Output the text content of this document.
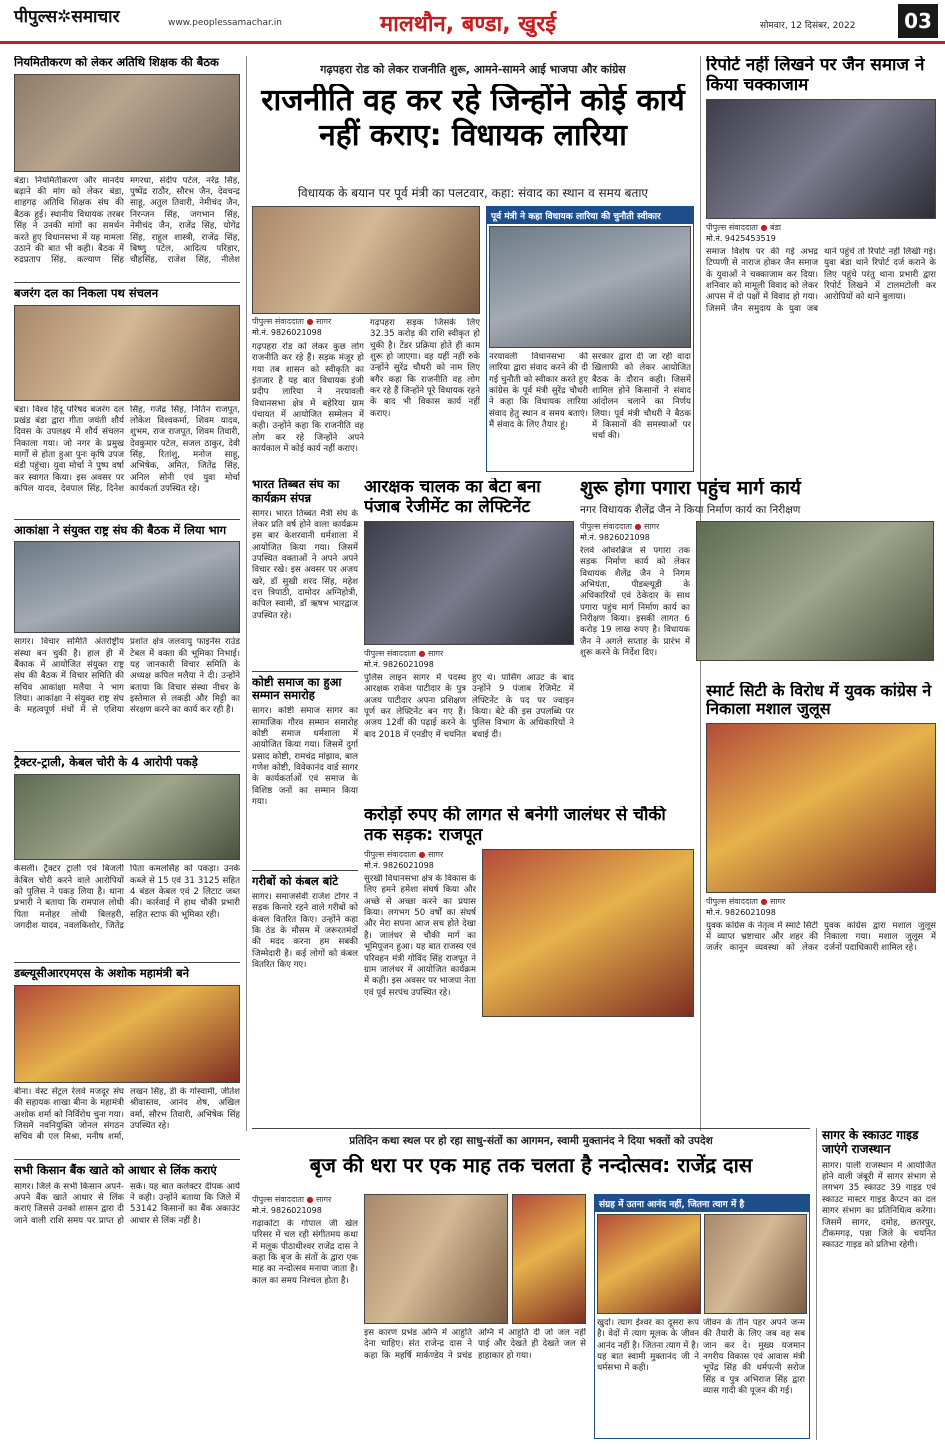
पीपुल्स✲समाचार	www.peoplessamachar.in	मालथौन, बण्डा, खुरई	सोमवार, 12 दिसंबर, 2022	03
नियमितीकरण को लेकर अतिथि शिक्षक की बैठक
बंडा। नियमितीकरण और मानदेय बढ़ाने की मांग को लेकर बंडा, शाहगढ़ अतिथि शिक्षक संघ की बैठक हुई। स्थानीय विधायक तरबर सिंह ने उनकी मांगों का समर्थन करते हुए विधानसभा में यह मामला उठाने की बात भी कही। बैठक में रुद्रप्रताप सिंह, कल्याण सिंह मगरधा, संदीप पटेल, नरेंद्र सिंह, पुष्पेंद्र राठौर, सौरभ जैन, देवचन्द्र साहू, अतुल तिवारी, नेमीचंद जैन, निरन्जन सिंह, जगभान सिंह, नेमीचंद जैन, राजेंद्र सिंह, योगेंद्र सिंह, राहुल शास्त्री, राजेंद्र सिंह, बिष्णु पटेल, आदित्य परिहार, चौहसिंह, राजेश सिंह, नीलेश
बजरंग दल का निकला पथ संचलन
बंडा। विश्व हिंदू परिषद बजरंग दल प्रखंड बंडा द्वारा गीता जयंती शौर्य दिवस के उपलक्ष्य में शौर्य संचलन निकाला गया। जो नगर के प्रमुख मार्गों से होता हुआ पुनः कृषि उपज मंडी पहुंचा। युवा मोर्चा ने पुष्प वर्षा कर स्वागत किया। इस अवसर पर कपिल यादव, देवपाल सिंह, दिनेश सिंह, गजेंद्र सिंह, नितिन राजपूत, लोकेश विश्वकर्मा, शिवम यादव, शुभम, राज राजपूत, शिवम तिवारी, देवकुमार पटेल, सजल ठाकुर, देवी सिंह, रितांशु, मनोज साहू, अभिषेक, अमित, जितेंद्र सिंह, अनिल सोनी एवं युवा मोर्चा कार्यकर्ता उपस्थित रहे।
आकांक्षा ने संयुक्त राष्ट्र संघ की बैठक में लिया भाग
सागर। विचार समिति अंतर्राष्ट्रीय संस्था बन चुकी है। हाल ही में बैंकाक में आयोजित संयुक्त राष्ट्र संघ की बैठक में विचार समिति की सचिव आकांक्षा मलैया ने भाग लिया। आकांक्षा ने संयुक्त राष्ट्र संघ के महत्वपूर्ण मंचों में से एशिया प्रशांत क्षेत्र जलवायु फाइनेंस राउंड टेबल में वक्ता की भूमिका निभाई। यह जानकारी विचार समिति के अध्यक्ष कपिल मलैया ने दी। उन्होंने बताया कि विचार संस्था नीचर के इस्तेमाल से लकड़ी और मिट्टी का संरक्षण करने का कार्य कर रही है।
ट्रैक्टर-ट्राली, केबल चोरी के 4 आरोपी पकड़े
केसली। ट्रैक्टर ट्राली एवं बिजली केबिल चोरी करने वाले आरोपियों को पुलिस ने पकड़ लिया है। थाना प्रभारी ने बताया कि रामपाल लोधी पिता मनोहर लोधी बिलहरी, जगदीश यादव, नवलकिशोर, जितेंद्र पिता कमलसिंह को पकड़ा। उनके कब्जे से 15 एवं 31 3125 सहित 4 बंडल केबल एवं 2 लिटाट जब्त की। कार्रवाई में हाथ चौकी प्रभारी सहित स्टाफ की भूमिका रही।
डब्ल्यूसीआरएमएस के अशोक महामंत्री बने
बीना। वेस्ट सेंट्रल रेलवे मजदूर संघ की सहायक शाखा बीना के महामंत्री अशोक शर्मा को निर्विरोध चुना गया। जिसमें नवनियुक्ति जोनल संगठन सचिव बी एल मिश्रा, मनीष शर्मा, लखन सिंह, डी के गोस्वामी, जीतेश श्रीवास्तव, आनंद शेष, अखिल वर्मा, सौरभ तिवारी, अभिषेक सिंह उपस्थित रहे।
सभी किसान बैंक खाते को आधार से लिंक कराएं
सागर। जिले के सभी किसान अपने-अपने बैंक खाते आधार से लिंक कराएं जिससे उनको शासन द्वारा दी जाने वाली राशि समय पर प्राप्त हो सके। यह बात कलेक्टर दीपक आर्य ने कही। उन्होंने बताया कि जिले में 53142 किसानों का बैंक अकाउंट आधार से लिंक नहीं है।
गढ़पहरा रोड को लेकर राजनीति शुरू, आमने-सामने आई भाजपा और कांग्रेस
राजनीति वह कर रहे जिन्होंने कोई कार्य नहीं कराए: विधायक लारिया
विधायक के बयान पर पूर्व मंत्री का पलटवार, कहा: संवाद का स्थान व समय बताए
पीपुल्स संवाददाता ● सागर
मो.नं. 9826021098
गढ़पहरा रोड को लेकर कुछ लोग राजनीति कर रहे हैं। सड़क मंजूर हो गया तब शासन को स्वीकृति का इंतजार है यह बात विधायक इंजी प्रदीप लारिया ने नरयावली विधानसभा क्षेत्र में बहेरिया ग्राम पंचायत में आयोजित सम्मेलन में कही। उन्होंने कहा कि राजनीति वह लोग कर रहे जिन्होंने अपने कार्यकाल में कोई कार्य नहीं कराए।
गढ़पहरा सड़क जिसके लिए 32.35 करोड़ की राशि स्वीकृत हो चुकी है। टेंडर प्रक्रिया होते ही काम शुरू हो जाएगा। वह यहीं नहीं रुके उन्होंने सुरेंद्र चौधरी को नाम लिए बगैर कहा कि राजनीति वह लोग कर रहे हैं जिन्होंने पूरे विधायक रहने के बाद भी विकास कार्य नहीं कराए।
पूर्व मंत्री ने कहा विधायक लारिया की चुनौती स्वीकार
नरयावली विधानसभा की लारिया द्वारा संवाद करने की दी गई चुनौती को स्वीकार करते हुए कांग्रेस के पूर्व मंत्री सुरेंद्र चौधरी ने कहा कि विधायक लारिया संवाद हेतु स्थान व समय बताएं। मैं संवाद के लिए तैयार हूं।
सरकार द्वारा दी जा रही वादा खिलाफी को लेकर आयोजित बैठक के दौरान कही। जिसमें शामिल होने किसानों ने संवाद आंदोलन चलाने का निर्णय लिया। पूर्व मंत्री चौधरी ने बैठक में किसानों की समस्याओं पर चर्चा की।
भारत तिब्बत संघ का कार्यक्रम संपन्न
सागर। भारत तिब्बत मैत्री संघ के लेकर प्रति वर्ष होने वाला कार्यक्रम इस बार केशरवानी धर्मशाला में आयोजित किया गया। जिसमें उपस्थित वक्ताओं ने अपने अपने विचार रखे। इस अवसर पर अजय खरे, डॉ सुखी शरद सिंह, महेश दत्त त्रिपाठी, दामोदर अग्निहोत्री, कपिल स्वामी, डॉ ऋषभ भारद्वाज उपस्थित रहे।
कोष्टी समाज का हुआ सम्मान समारोह
सागर। कोष्टी समाज सागर का सामाजिक गौरव सम्मान समारोह कोष्टी समाज धर्मशाला में आयोजित किया गया। जिसमें दुर्गा प्रसाद कोष्टी, रामचंद्र मांझाव, बाल गणेश कोष्टी, विवेकानंद वार्ड सागर के कार्यकर्ताओं एवं समाज के विशिष्ठ जनों का सम्मान किया गया।
गरीबों को कंबल बांटे
सागर। समाजसेवी राजेश टोंगर ने सड़क किनारे रहने वाले गरीबों को कंबल वितरित किए। उन्होंने कहा कि ठंड के मौसम में जरूरतमंदों की मदद करना हम सबकी जिम्मेदारी है। कई लोगों को कंबल वितरित किए गए।
आरक्षक चालक का बेटा बना पंजाब रेजीमेंट का लेफ्टिनेंट
पीपुल्स संवाददाता ● सागर
मो.नं. 9826021098
पुलिस लाइन सागर में पदस्थ आरक्षक राकेश पाटीदार के पुत्र अजय पाटीदार अपना प्रशिक्षण पूर्ण कर लेफ्टिनेंट बन गए हैं। अजय 12वीं की पढ़ाई करने के बाद 2018 में एनडीए में चयनित हुए थे। पासिंग आउट के बाद उन्होंने 9 पंजाब रेजिमेंट में लेफ्टिनेंट के पद पर ज्वाइन किया। बेटे की इस उपलब्धि पर पुलिस विभाग के अधिकारियों ने बधाई दी।
करोड़ों रुपए की लागत से बनेगी जालंधर से चौकी तक सड़क: राजपूत
पीपुल्स संवाददाता ● सागर
मो.नं. 9826021098
सुरखी विधानसभा क्षेत्र के विकास के लिए हमने हमेशा संघर्ष किया और अच्छे से अच्छा करने का प्रयास किया। लगभग 50 वर्षों का संघर्ष और मेरा सपना आज सच होते देखा है। जालंधर से चौकी मार्ग का भूमिपूजन हुआ। यह बात राजस्व एवं परिवहन मंत्री गोविंद सिंह राजपूत ने ग्राम जालंधर में आयोजित कार्यक्रम में कही। इस अवसर पर भाजपा नेता एवं पूर्व सरपंच उपस्थित रहे।
रिपोर्ट नहीं लिखने पर जैन समाज ने किया चक्काजाम
पीपुल्स संवाददाता ● बंडा
मो.नं. 9425453519
समाज विशेष पर की गई अभद्र टिप्पणी से नाराज होकर जैन समाज के युवाओं ने चक्काजाम कर दिया। शनिवार को मामूली विवाद को लेकर आपस में दो पक्षों में विवाद हो गया। जिसमें जैन समुदाय के युवा जब थाने पहुंचे तो रिपोर्ट नहीं लिखी गई। युवा बंडा थाने रिपोर्ट दर्ज कराने के लिए पहुंचे परंतु थाना प्रभारी द्वारा रिपोर्ट लिखने में टालमटोली कर आरोपियों को थाने बुलाया।
शुरू होगा पगारा पहुंच मार्ग कार्य
नगर विधायक शैलेंद्र जैन ने किया निर्माण कार्य का निरीक्षण
पीपुल्स संवाददाता ● सागर
मो.नं. 9826021098
रेलवे ओवरब्रिज से पगारा तक सड़क निर्माण कार्य को लेकर विधायक शैलेंद्र जैन ने निगम अभियंता, पीडब्ल्यूडी के अधिकारियों एवं ठेकेदार के साथ पगारा पहुंच मार्ग निर्माण कार्य का निरीक्षण किया। इसकी लागत 6 करोड़ 19 लाख रुपए है। विधायक जैन ने अगले सप्ताह के प्रारंभ में शुरू करने के निर्देश दिए।
स्मार्ट सिटी के विरोध में युवक कांग्रेस ने निकाला मशाल जुलूस
पीपुल्स संवाददाता ● सागर
मो.नं. 9826021098
युवक कांग्रेस के नेतृत्व में स्मार्ट सिटी में व्याप्त भ्रष्टाचार और शहर की जर्जर कानून व्यवस्था को लेकर युवक कांग्रेस द्वारा मशाल जुलूस निकाला गया। मशाल जुलूस में दर्जनों पदाधिकारी शामिल रहे।
प्रतिदिन कथा स्थल पर हो रहा साधु-संतों का आगमन, स्वामी मुक्तानंद ने दिया भक्तों को उपदेश
बृज की धरा पर एक माह तक चलता है नन्दोत्सव: राजेंद्र दास
पीपुल्स संवाददाता ● सागर
मो.नं. 9826021098
गढ़ाकोटा के गोपाल जी खेल परिसर में चल रही संगीतमय कथा में मलूक पीठाधीश्वर राजेंद्र दास ने कहा कि बृज के संतों के द्वारा एक माह का नन्दोत्सव मनाया जाता है। काल का समय निश्चल होता है।
इस कारण प्रभंड अग्नि में आहुति देना चाहिए। संत राजेन्द्र दास ने कहा कि महर्षि मार्कण्डेय ने प्रचंड अग्नि में आहुति दी जो जल नहीं पाई और देखते ही देखते जल से हाहाकार हो गया।
संग्रह में उतना आनंद नहीं, जितना त्याग में है
खुर्दा। त्याग ईश्वर का दूसरा रूप है। वेदों में त्याग मूलक के जीवन आनंद नहीं है। जितना त्याग में है। यह बात स्वामी मुक्तानंद जी ने धर्मसभा में कही।
जीवन के तीन पहर अपने जन्म की तैयारी के लिए जब वह सब जान कर दे। मुख्य यजमान नगरीय विकास एवं आवास मंत्री भूपेंद्र सिंह की धर्मपत्नी सरोज सिंह व पुत्र अभिराज सिंह द्वारा व्यास गादी की पूजन की गई।
सागर के स्काउट गाइड जाएंगे राजस्थान
सागर। पाली राजस्थान में आयोजित होने वाली जंबूरी में सागर संभाग से लगभग 35 स्काउट 39 गाइड एवं स्काउट मास्टर गाइड कैप्टन का दल सागर संभाग का प्रतिनिधित्व करेगा। जिसमें सागर, दमोह, छतरपुर, टीकमगढ़, पन्ना जिले के चयनित स्काउट गाइड को प्रतिभा रहेगी।
